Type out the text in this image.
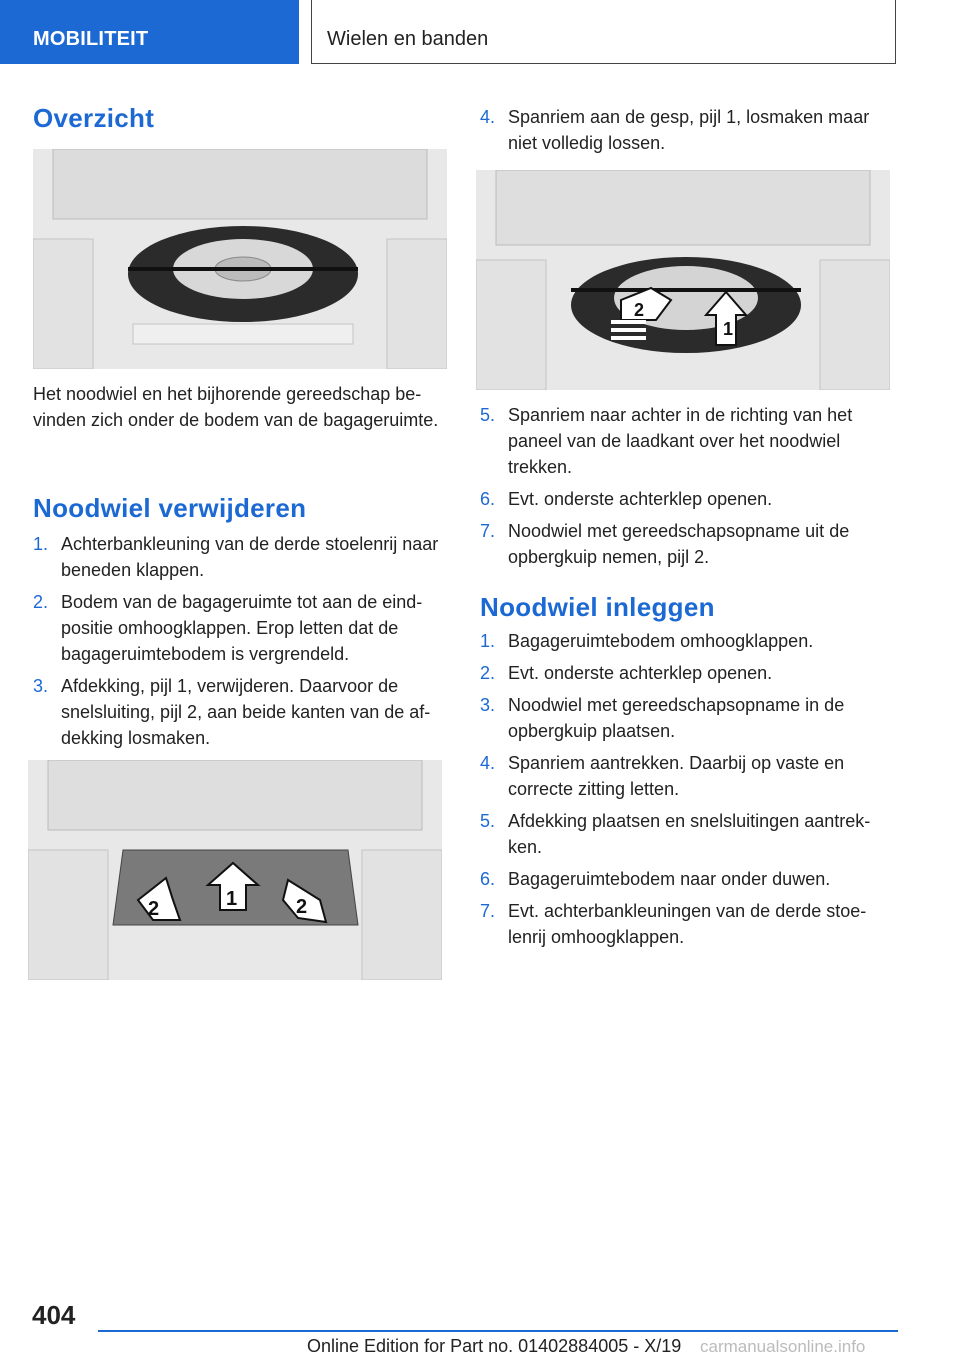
MOBILITEIT	Wielen en banden
Overzicht
Het noodwiel en het bijhorende gereedschap bevinden zich onder de bodem van de bagageruimte.
Noodwiel verwijderen
1. Achterbankleuning van de derde stoelenrij naar beneden klappen.
2. Bodem van de bagageruimte tot aan de eindpositie omhoogklappen. Erop letten dat de bagageruimtebodem is vergrendeld.
3. Afdekking, pijl 1, verwijderen. Daarvoor de snelsluiting, pijl 2, aan beide kanten van de afdekking losmaken.
1
2	2
4. Spanriem aan de gesp, pijl 1, losmaken maar niet volledig lossen.
1
2
5. Spanriem naar achter in de richting van het paneel van de laadkant over het noodwiel trekken.
6. Evt. onderste achterklep openen.
7. Noodwiel met gereedschapsopname uit de opbergkuip nemen, pijl 2.
Noodwiel inleggen
1. Bagageruimtebodem omhoogklappen.
2. Evt. onderste achterklep openen.
3. Noodwiel met gereedschapsopname in de opbergkuip plaatsen.
4. Spanriem aantrekken. Daarbij op vaste en correcte zitting letten.
5. Afdekking plaatsen en snelsluitingen aantrekken.
6. Bagageruimtebodem naar onder duwen.
7. Evt. achterbankleuningen van de derde stoelenrij omhoogklappen.
404
Online Edition for Part no. 01402884005 - X/19 carmanualsonline.info
